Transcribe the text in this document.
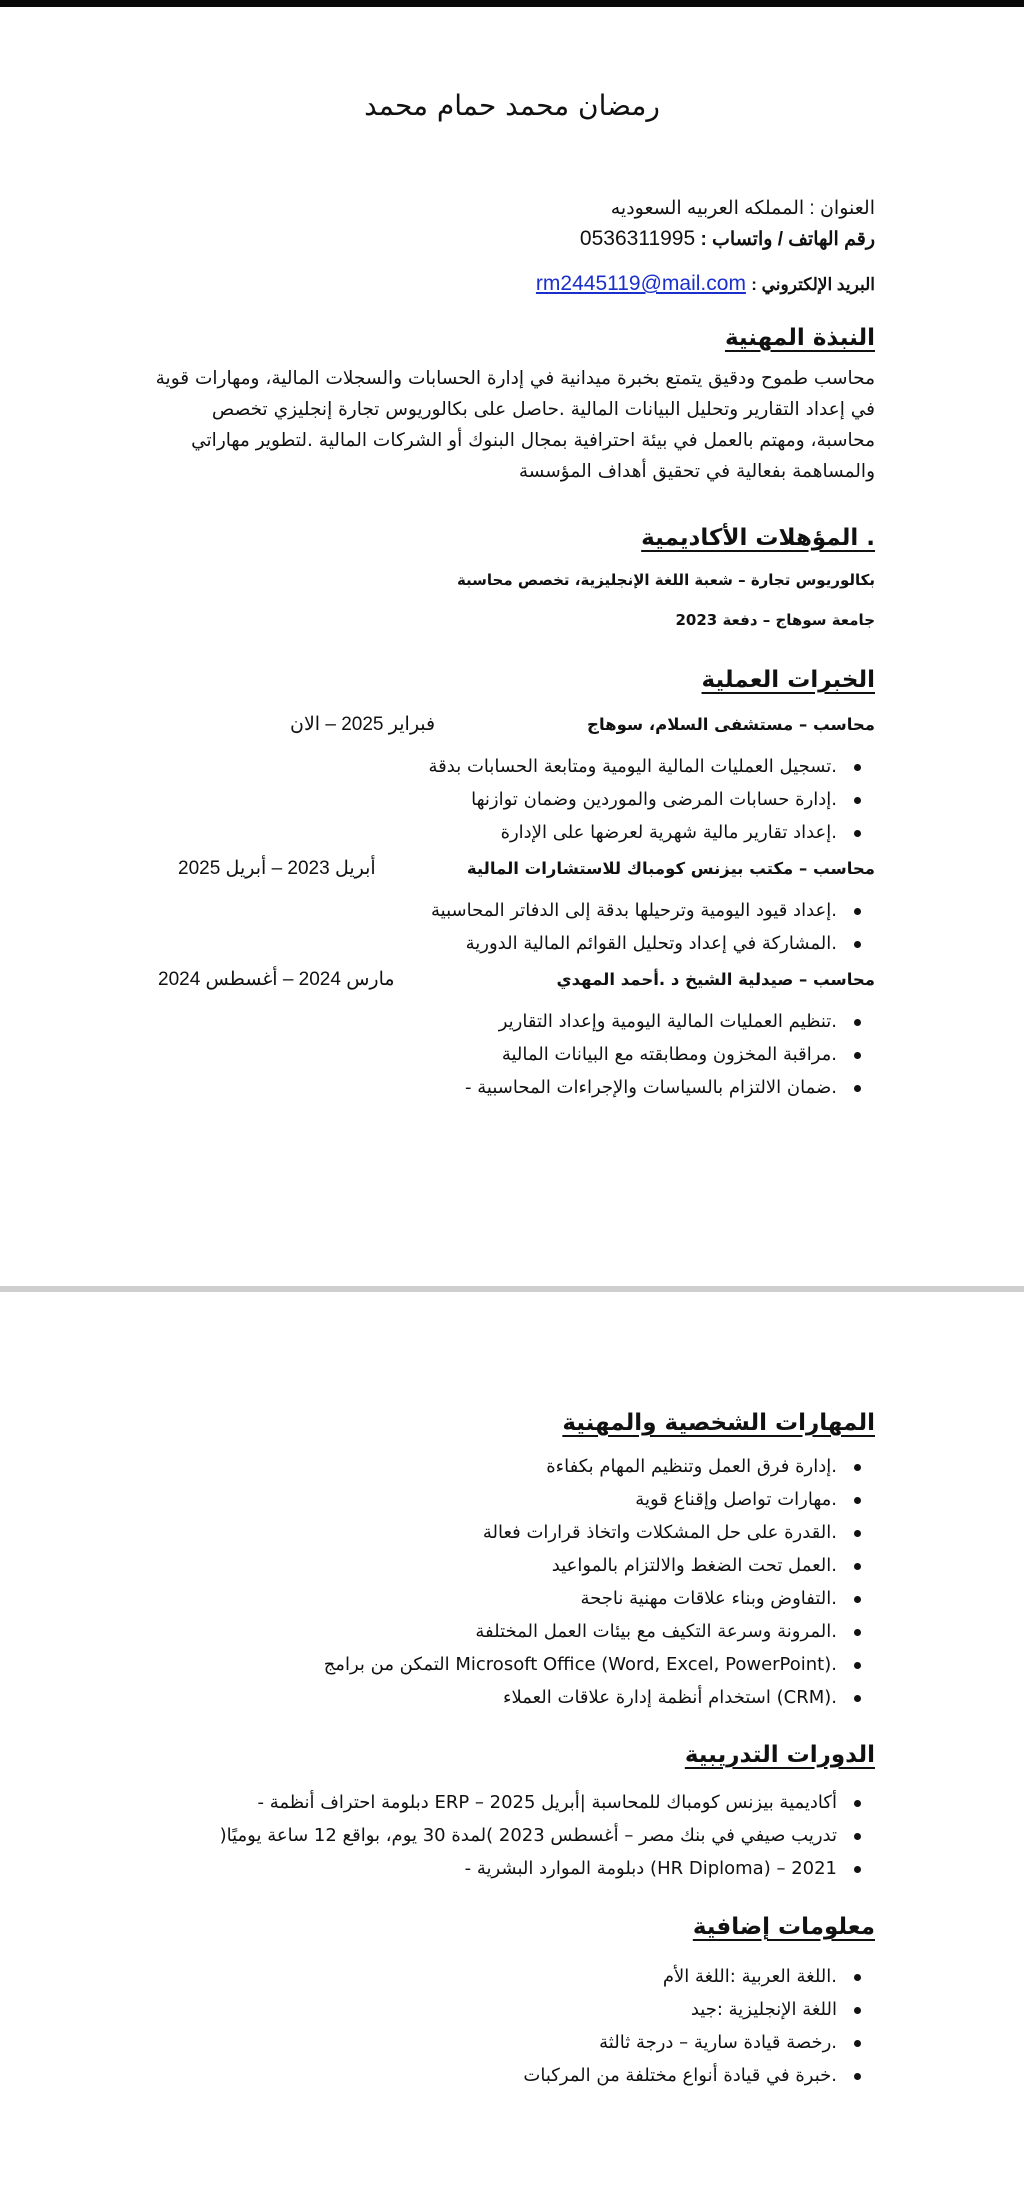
رمضان محمد حمام محمد
العنوان : المملكه العربيه السعوديه
رقم الهاتف / واتساب : 0536311995
البريد الإلكتروني : rm2445119@mail.com
النبذة المهنية

محاسب طموح ودقيق يتمتع بخبرة ميدانية في إدارة الحسابات والسجلات المالية، ومهارات قوية في إعداد التقارير وتحليل البيانات المالية .حاصل على بكالوريوس تجارة إنجليزي تخصص محاسبة، ومهتم بالعمل في بيئة احترافية بمجال البنوك أو الشركات المالية .لتطوير مهاراتي والمساهمة بفعالية في تحقيق أهداف المؤسسة

. المؤهلات الأكاديمية
بكالوريوس تجارة – شعبة اللغة الإنجليزية، تخصص محاسبة
جامعة سوهاج – دفعة 2023
الخبرات العملية
محاسب – مستشفى السلام، سوهاج
فبراير 2025 – الان
.تسجيل العمليات المالية اليومية ومتابعة الحسابات بدقة
.إدارة حسابات المرضى والموردين وضمان توازنها
.إعداد تقارير مالية شهرية لعرضها على الإدارة
محاسب – مكتب بيزنس كومباك للاستشارات المالية
أبريل 2023 – أبريل 2025
.إعداد قيود اليومية وترحيلها بدقة إلى الدفاتر المحاسبية
.المشاركة في إعداد وتحليل القوائم المالية الدورية
محاسب – صيدلية الشيخ د .أحمد المهدي
مارس 2024 – أغسطس 2024
.تنظيم العمليات المالية اليومية وإعداد التقارير
.مراقبة المخزون ومطابقته مع البيانات المالية
.ضمان الالتزام بالسياسات والإجراءات المحاسبية -
المهارات الشخصية والمهنية
.إدارة فرق العمل وتنظيم المهام بكفاءة
.مهارات تواصل وإقناع قوية
.القدرة على حل المشكلات واتخاذ قرارات فعالة
.العمل تحت الضغط والالتزام بالمواعيد
.التفاوض وبناء علاقات مهنية ناجحة
.المرونة وسرعة التكيف مع بيئات العمل المختلفة
.(Microsoft Office (Word, Excel, PowerPoint التمكن من برامج
.(CRM) استخدام أنظمة إدارة علاقات العملاء
الدورات التدريبية
أكاديمية بيزنس كومباك للمحاسبة |أبريل 2025 – ERP دبلومة احتراف أنظمة -
تدريب صيفي في بنك مصر – أغسطس 2023 )لمدة 30 يوم، بواقع 12 ساعة يوميًا(
2021 – (HR Diploma) دبلومة الموارد البشرية -
معلومات إضافية
.اللغة العربية :اللغة الأم
اللغة الإنجليزية :جيد
.رخصة قيادة سارية – درجة ثالثة
.خبرة في قيادة أنواع مختلفة من المركبات
